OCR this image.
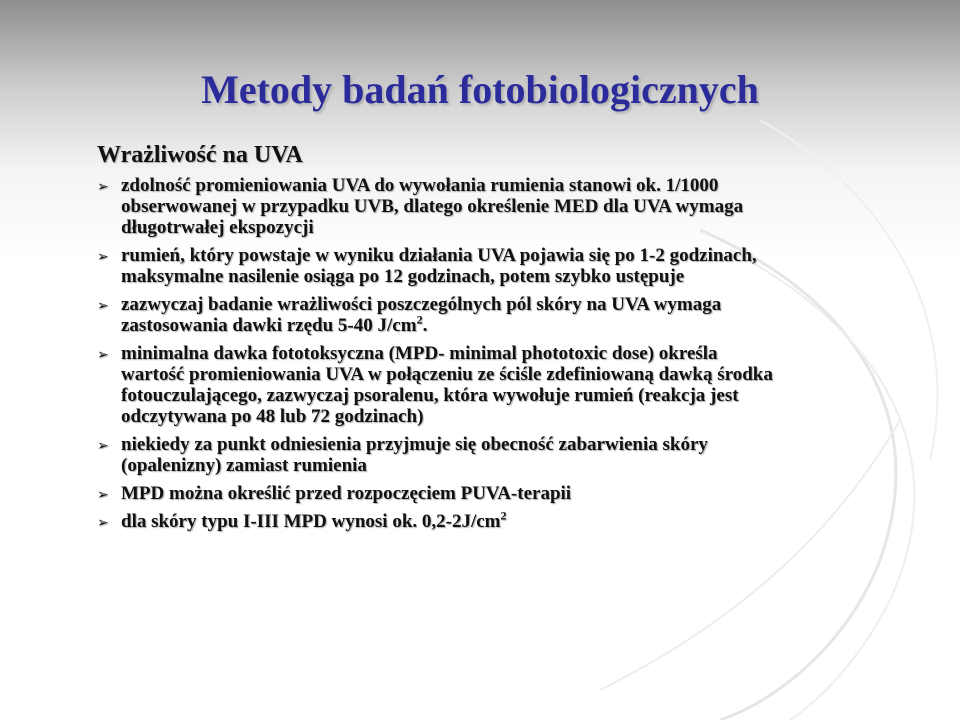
Metody badań fotobiologicznych
Wrażliwość na UVA
➢ zdolność promieniowania UVA do wywołania rumienia stanowi ok. 1/1000 obserwowanej w przypadku UVB, dlatego określenie MED dla UVA wymaga długotrwałej ekspozycji
➢ rumień, który powstaje w wyniku działania UVA pojawia się po 1-2 godzinach, maksymalne nasilenie osiąga po 12 godzinach, potem szybko ustępuje
➢ zazwyczaj badanie wrażliwości poszczególnych pól skóry na UVA wymaga zastosowania dawki rzędu 5-40 $J/cm^2$.
➢ minimalna dawka fototoksyczna (MPD- minimal phototoxic dose) określa wartość promieniowania UVA w połączeniu ze ściśle zdefiniowaną dawką środka fotouczulającego, zazwyczaj psoralenu, która wywołuje rumień (reakcja jest odczytywana po 48 lub 72 godzinach)
➢ niekiedy za punkt odniesienia przyjmuje się obecność zabarwienia skóry (opalenizny) zamiast rumienia
➢ MPD można określić przed rozpoczęciem PUVA-terapii
➢ dla skóry typu I-III MPD wynosi ok. $0,2-2J/cm^2$
